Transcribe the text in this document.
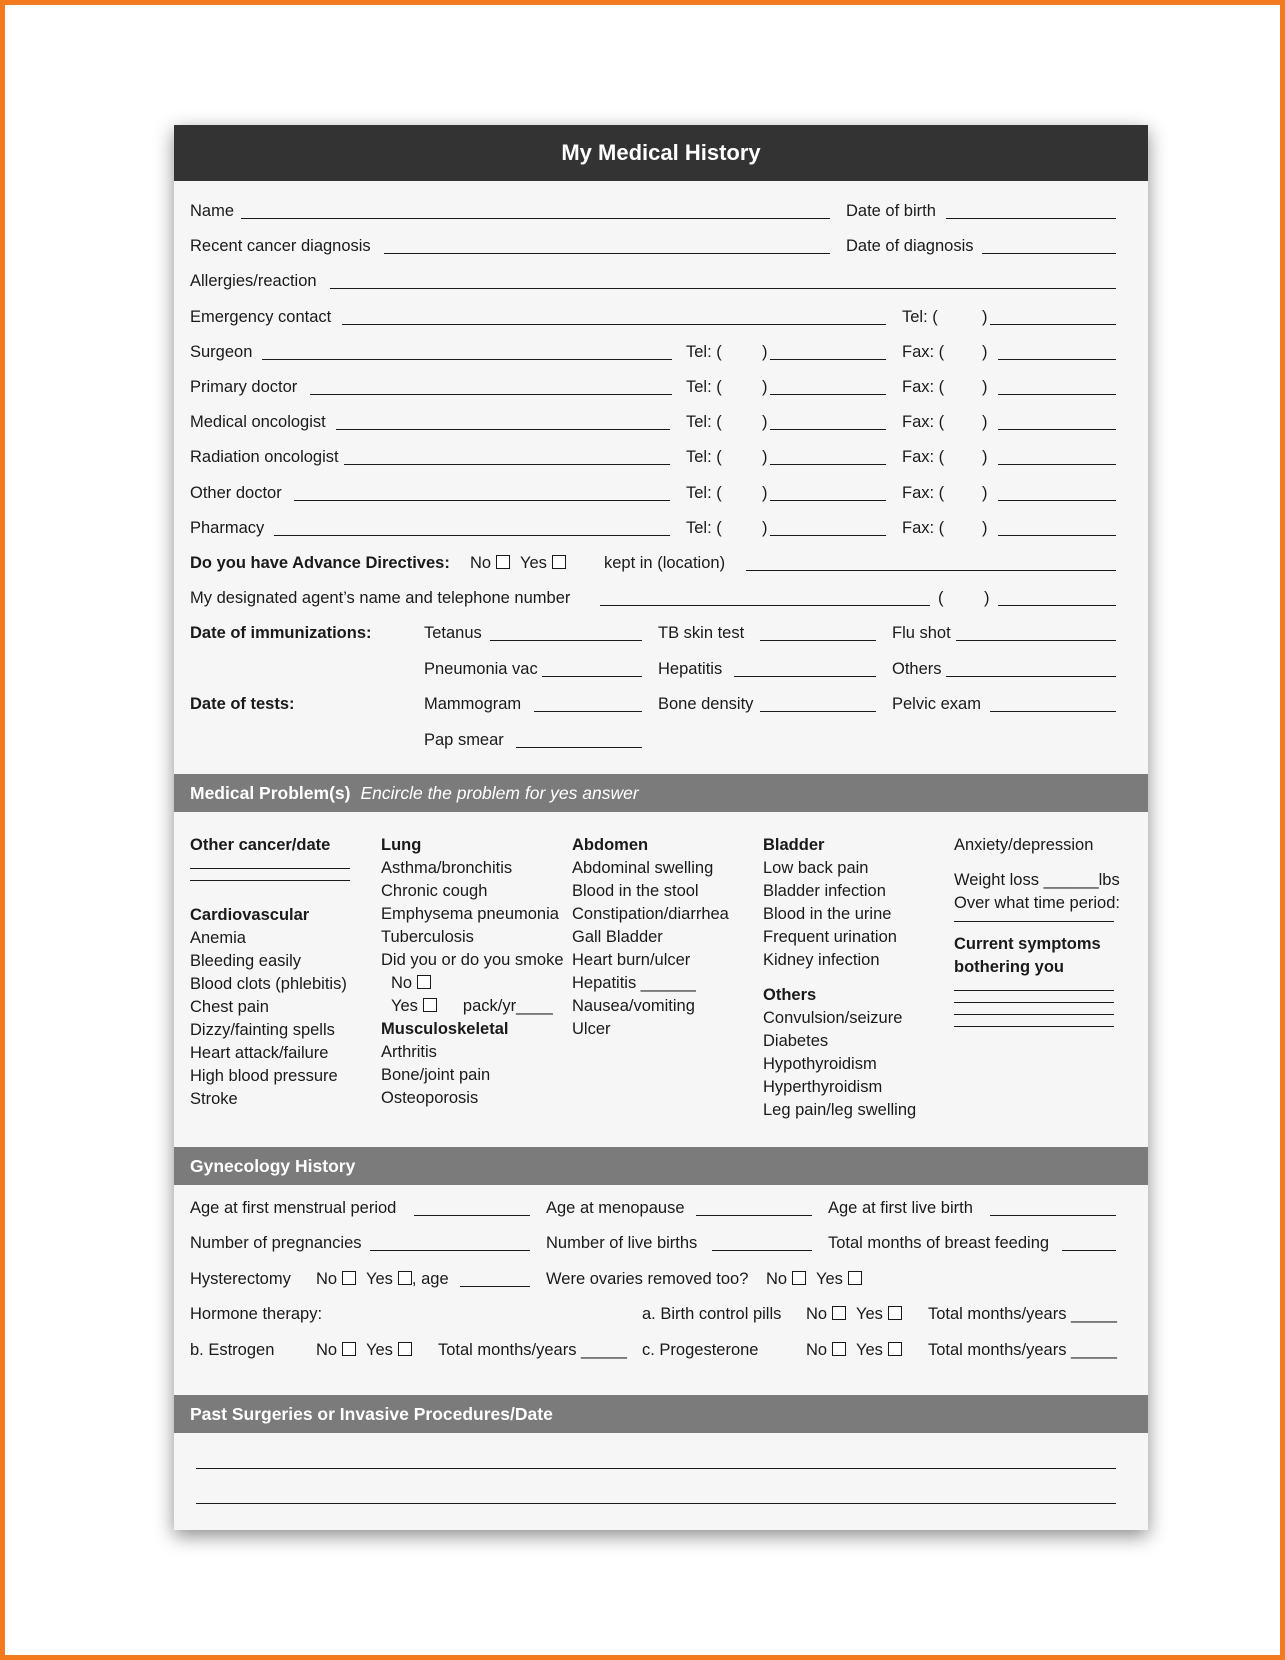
My Medical History
Name	Date of birth
Recent cancer diagnosis	Date of diagnosis
Allergies/reaction
Emergency contact	Tel: (	)
Surgeon	Tel: ( )	Fax: ( )
Primary doctor	Tel: ( )	Fax: ( )
Medical oncologist	Tel: ( )	Fax: ( )
Radiation oncologist	Tel: ( )	Fax: ( )
Other doctor	Tel: ( )	Fax: ( )
Pharmacy	Tel: ( )	Fax: ( )
Do you have Advance Directives: No	Yes	kept in (location)
My designated agent’s name and telephone number	( )
Date of immunizations:	Tetanus	TB skin test	Flu shot
Pneumonia vac	Hepatitis	Others
Date of tests:	Mammogram	Bone density	Pelvic exam
Pap smear
Medical Problem(s) Encircle the problem for yes answer
Other cancer/date
Cardiovascular
Anemia
Bleeding easily
Blood clots (phlebitis)
Chest pain
Dizzy/fainting spells
Heart attack/failure
High blood pressure
Stroke
Lung
Asthma/bronchitis
Chronic cough
Emphysema pneumonia
Tuberculosis
Did you or do you smoke
No
Yes	pack/yr____
Musculoskeletal
Arthritis
Bone/joint pain
Osteoporosis
Abdomen
Abdominal swelling
Blood in the stool
Constipation/diarrhea
Gall Bladder
Heart burn/ulcer
Hepatitis ______
Nausea/vomiting
Ulcer
Bladder
Low back pain
Bladder infection
Blood in the urine
Frequent urination
Kidney infection
Others
Convulsion/seizure
Diabetes
Hypothyroidism
Hyperthyroidism
Leg pain/leg swelling
Anxiety/depression
Weight loss ______lbs
Over what time period:
Current symptoms
bothering you
Gynecology History
Age at first menstrual period	Age at menopause	Age at first live birth
Number of pregnancies	Number of live births	Total months of breast feeding
Hysterectomy No	Yes , age	Were ovaries removed too? No	Yes
Hormone therapy:	a. Birth control pills No	Yes	Total months/years _____
b. Estrogen	No	Yes	Total months/years _____ c. Progesterone	No	Yes	Total months/years _____
Past Surgeries or Invasive Procedures/Date
